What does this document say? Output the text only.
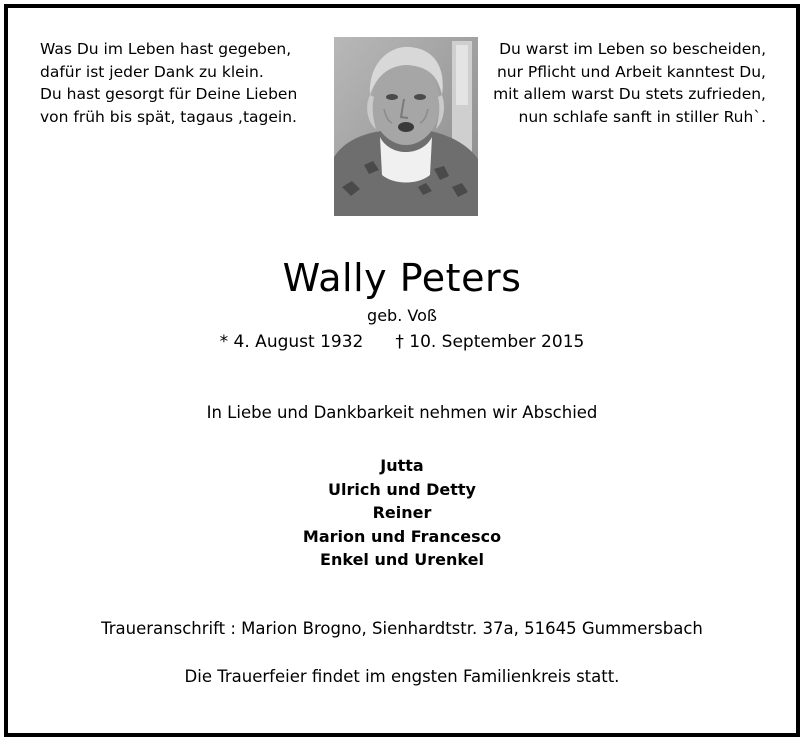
Was Du im Leben hast gegeben,
dafür ist jeder Dank zu klein.
Du hast gesorgt für Deine Lieben
von früh bis spät, tagaus ,tagein.
Du warst im Leben so bescheiden,
nur Pflicht und Arbeit kanntest Du,
mit allem warst Du stets zufrieden,
nun schlafe sanft in stiller Ruh`.
Wally Peters
geb. Voß
* 4. August 1932 † 10. September 2015
In Liebe und Dankbarkeit nehmen wir Abschied
Jutta
Ulrich und Detty
Reiner
Marion und Francesco
Enkel und Urenkel
Traueranschrift : Marion Brogno, Sienhardtstr. 37a, 51645 Gummersbach
Die Trauerfeier findet im engsten Familienkreis statt.
